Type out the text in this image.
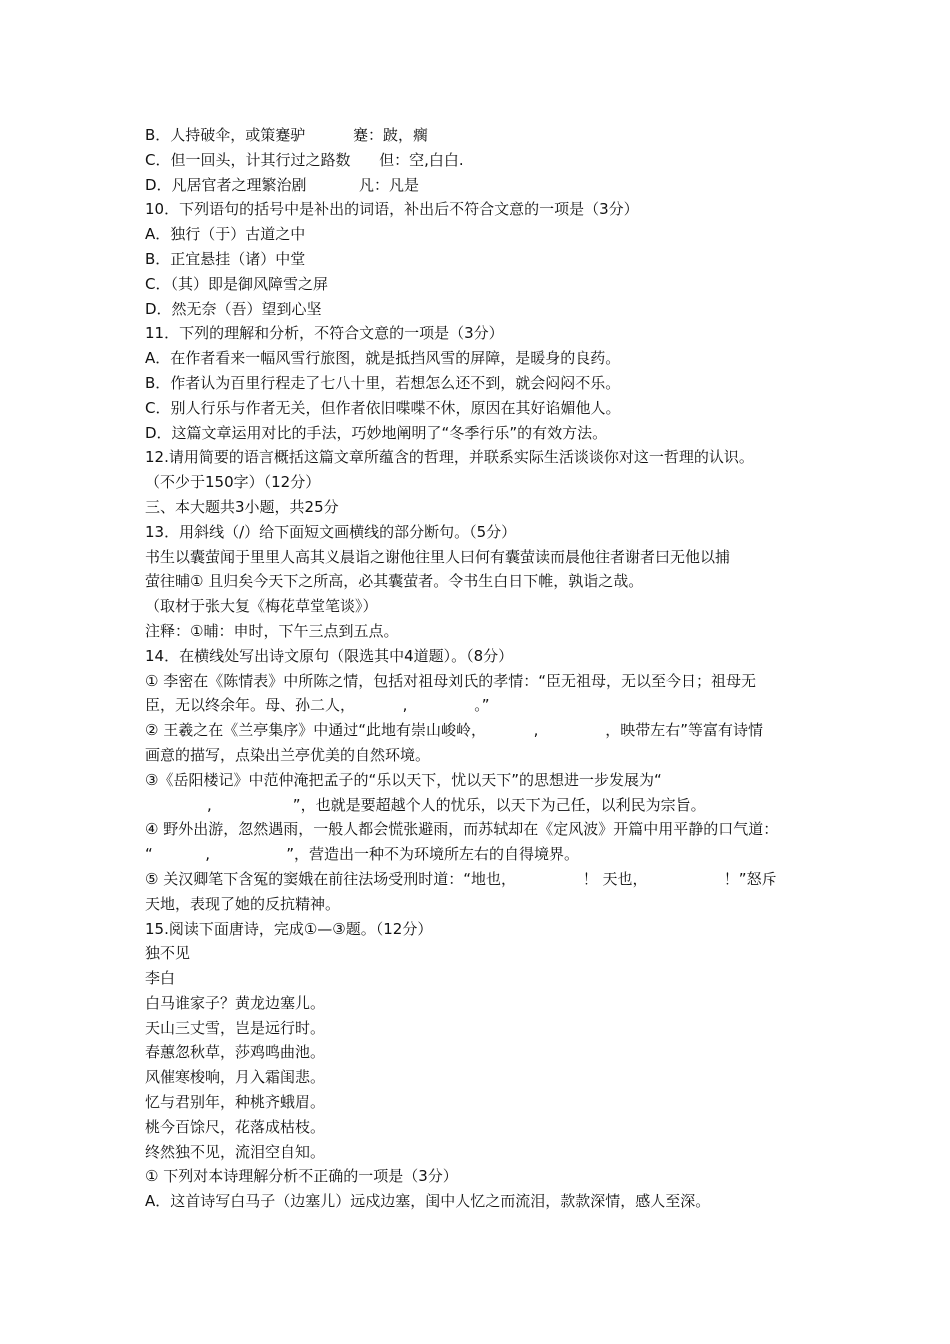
B．人持破伞，或策蹇驴          蹇：跛，瘸
C．但一回头，计其行过之路数      但：空,白白.
D．凡居官者之理繁治剧           凡：凡是
10．下列语句的括号中是补出的词语，补出后不符合文意的一项是（3分）
A．独行（于）古道之中
B．正宜悬挂（诸）中堂
C．（其）即是御风障雪之屏
D．然无奈（吾）望到心坚
11．下列的理解和分析，不符合文意的一项是（3分）
A．在作者看来一幅风雪行旅图，就是抵挡风雪的屏障，是暖身的良药。
B．作者认为百里行程走了七八十里，若想怎么还不到，就会闷闷不乐。
C．别人行乐与作者无关，但作者依旧喋喋不休，原因在其好谄媚他人。
D．这篇文章运用对比的手法，巧妙地阐明了“冬季行乐”的有效方法。
12.请用简要的语言概括这篇文章所蕴含的哲理，并联系实际生活谈谈你对这一哲理的认识。
（不少于150字）（12分）
三、本大题共3小题，共25分
13．用斜线（/）给下面短文画横线的部分断句。（5分）
书生以囊萤闻于里里人高其义晨诣之谢他往里人曰何有囊萤读而晨他往者谢者曰无他以捕
萤往晡① 且归矣今天下之所高，必其囊萤者。令书生白日下帷，孰诣之哉。
（取材于张大复《梅花草堂笔谈》）
注释：①晡：申时，下午三点到五点。
14．在横线处写出诗文原句（限选其中4道题）。（8分）
① 李密在《陈情表》中所陈之情，包括对祖母刘氏的孝情：“臣无祖母，无以至今日；祖母无
臣，无以终余年。母、孙二人，          ,              。”
② 王羲之在《兰亭集序》中通过“此地有崇山峻岭，          ,              ，映带左右”等富有诗情
画意的描写，点染出兰亭优美的自然环境。
③《岳阳楼记》中范仲淹把孟子的“乐以天下，忧以天下”的思想进一步发展为“
,                 ”，也就是要超越个人的忧乐，以天下为己任，以利民为宗旨。
④ 野外出游，忽然遇雨，一般人都会慌张避雨，而苏轼却在《定风波》开篇中用平静的口气道：
“           ,                ”，营造出一种不为环境所左右的自得境界。
⑤ 关汉卿笔下含冤的窦娥在前往法场受刑时道：“地也，              ！ 天也，                ！”怒斥
天地，表现了她的反抗精神。
15.阅读下面唐诗，完成①—③题。（12分）
独不见
李白
白马谁家子？黄龙边塞儿。
天山三丈雪，岂是远行时。
春蕙忽秋草，莎鸡鸣曲池。
风催寒梭响，月入霜闺悲。
忆与君别年，种桃齐蛾眉。
桃今百馀尺，花落成枯枝。
终然独不见，流泪空自知。
① 下列对本诗理解分析不正确的一项是（3分）
A．这首诗写白马子（边塞儿）远戍边塞，闺中人忆之而流泪，款款深情，感人至深。
